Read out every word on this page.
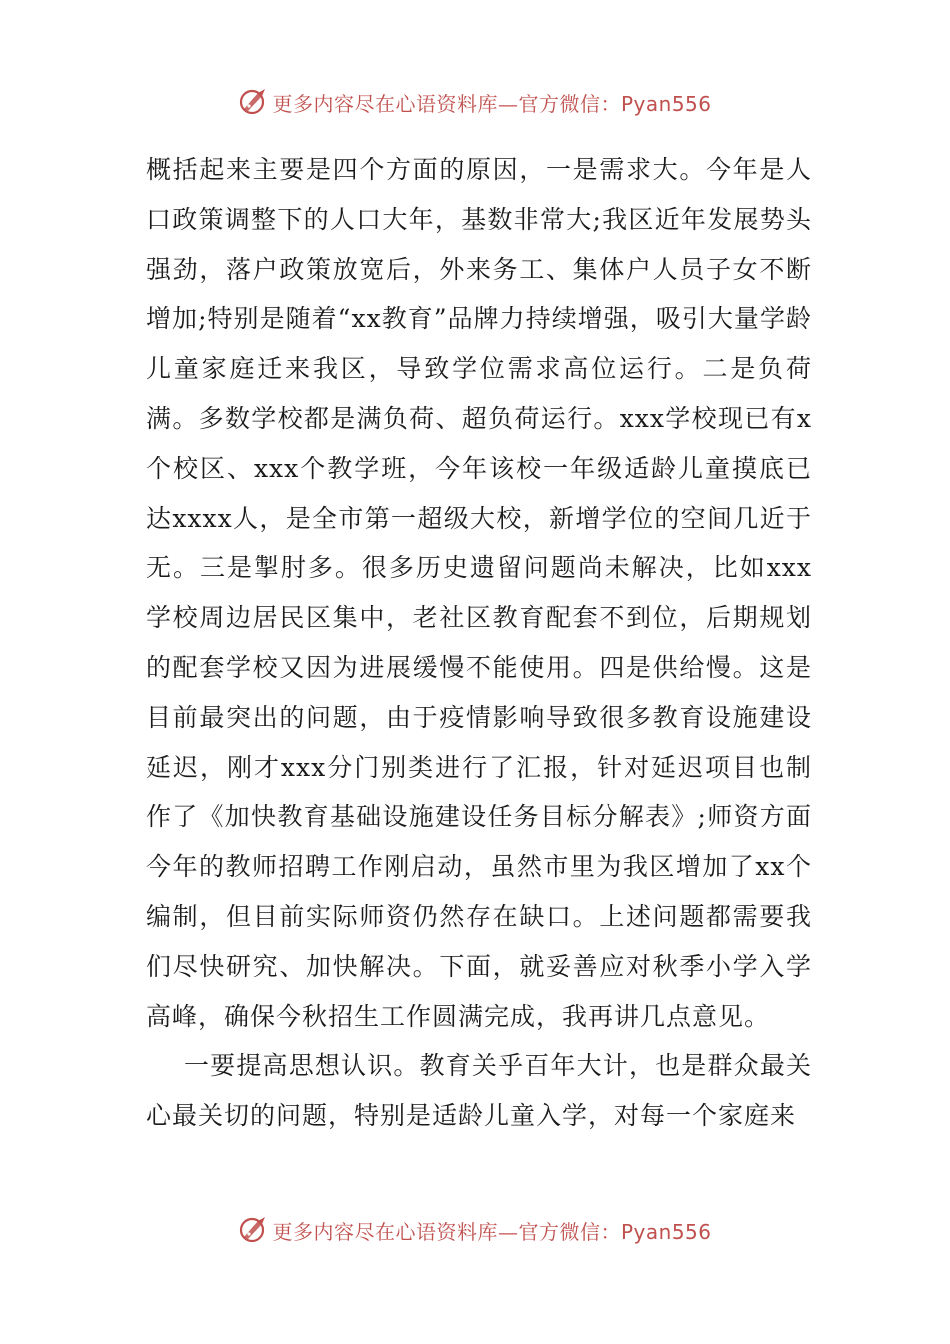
更多内容尽在心语资料库—官方微信：Pyan556

概括起来主要是四个方面的原因，一是需求大。今年是人口政策调整下的人口大年，基数非常大;我区近年发展势头强劲，落户政策放宽后，外来务工、集体户人员子女不断增加;特别是随着“xx教育”品牌力持续增强，吸引大量学龄儿童家庭迁来我区，导致学位需求高位运行。二是负荷满。多数学校都是满负荷、超负荷运行。xxx学校现已有x个校区、xxx个教学班，今年该校一年级适龄儿童摸底已达xxxx人，是全市第一超级大校，新增学位的空间几近于无。三是掣肘多。很多历史遗留问题尚未解决，比如xxx学校周边居民区集中，老社区教育配套不到位，后期规划的配套学校又因为进展缓慢不能使用。四是供给慢。这是目前最突出的问题，由于疫情影响导致很多教育设施建设延迟，刚才xxx分门别类进行了汇报，针对延迟项目也制作了《加快教育基础设施建设任务目标分解表》;师资方面今年的教师招聘工作刚启动，虽然市里为我区增加了xx个编制，但目前实际师资仍然存在缺口。上述问题都需要我们尽快研究、加快解决。下面，就妥善应对秋季小学入学高峰，确保今秋招生工作圆满完成，我再讲几点意见。

一要提高思想认识。教育关乎百年大计，也是群众最关心最关切的问题，特别是适龄儿童入学，对每一个家庭来

更多内容尽在心语资料库—官方微信：Pyan556
